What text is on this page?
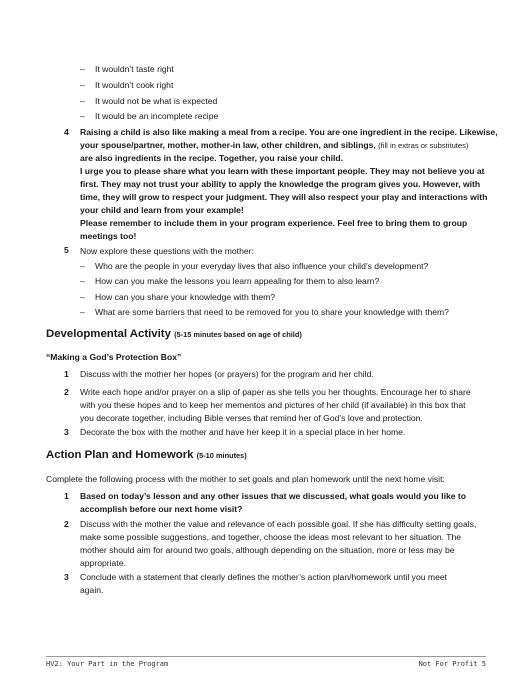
– It wouldn’t taste right
– It wouldn’t cook right
– It would not be what is expected
– It would be an incomplete recipe
4 Raising a child is also like making a meal from a recipe. You are one ingredient in the recipe. Likewise,
your spouse/partner, mother, mother-in law, other children, and siblings, (fill in extras or substitutes)
are also ingredients in the recipe. Together, you raise your child.
I urge you to please share what you learn with these important people. They may not believe you at
first. They may not trust your ability to apply the knowledge the program gives you. However, with
time, they will grow to respect your judgment. They will also respect your play and interactions with
your child and learn from your example!
Please remember to include them in your program experience. Feel free to bring them to group
meetings too!
5 Now explore these questions with the mother:
– Who are the people in your everyday lives that also influence your child’s development?
– How can you make the lessons you learn appealing for them to also learn?
– How can you share your knowledge with them?
– What are some barriers that need to be removed for you to share your knowledge with them?
Developmental Activity (5-15 minutes based on age of child)
“Making a God’s Protection Box”
1 Discuss with the mother her hopes (or prayers) for the program and her child.
2 Write each hope and/or prayer on a slip of paper as she tells you her thoughts. Encourage her to share
with you these hopes and to keep her mementos and pictures of her child (if available) in this box that
you decorate together, including Bible verses that remind her of God’s love and protection.
3 Decorate the box with the mother and have her keep it in a special place in her home.
Action Plan and Homework (5-10 minutes)
Complete the following process with the mother to set goals and plan homework until the next home visit:
1 Based on today’s lesson and any other issues that we discussed, what goals would you like to
accomplish before our next home visit?
2 Discuss with the mother the value and relevance of each possible goal. If she has difficulty setting goals,
make some possible suggestions, and together, choose the ideas most relevant to her situation. The
mother should aim for around two goals, although depending on the situation, more or less may be
appropriate.
3 Conclude with a statement that clearly defines the mother’s action plan/homework until you meet
again.
HV2: Your Part in the Program	Not For Profit 5
